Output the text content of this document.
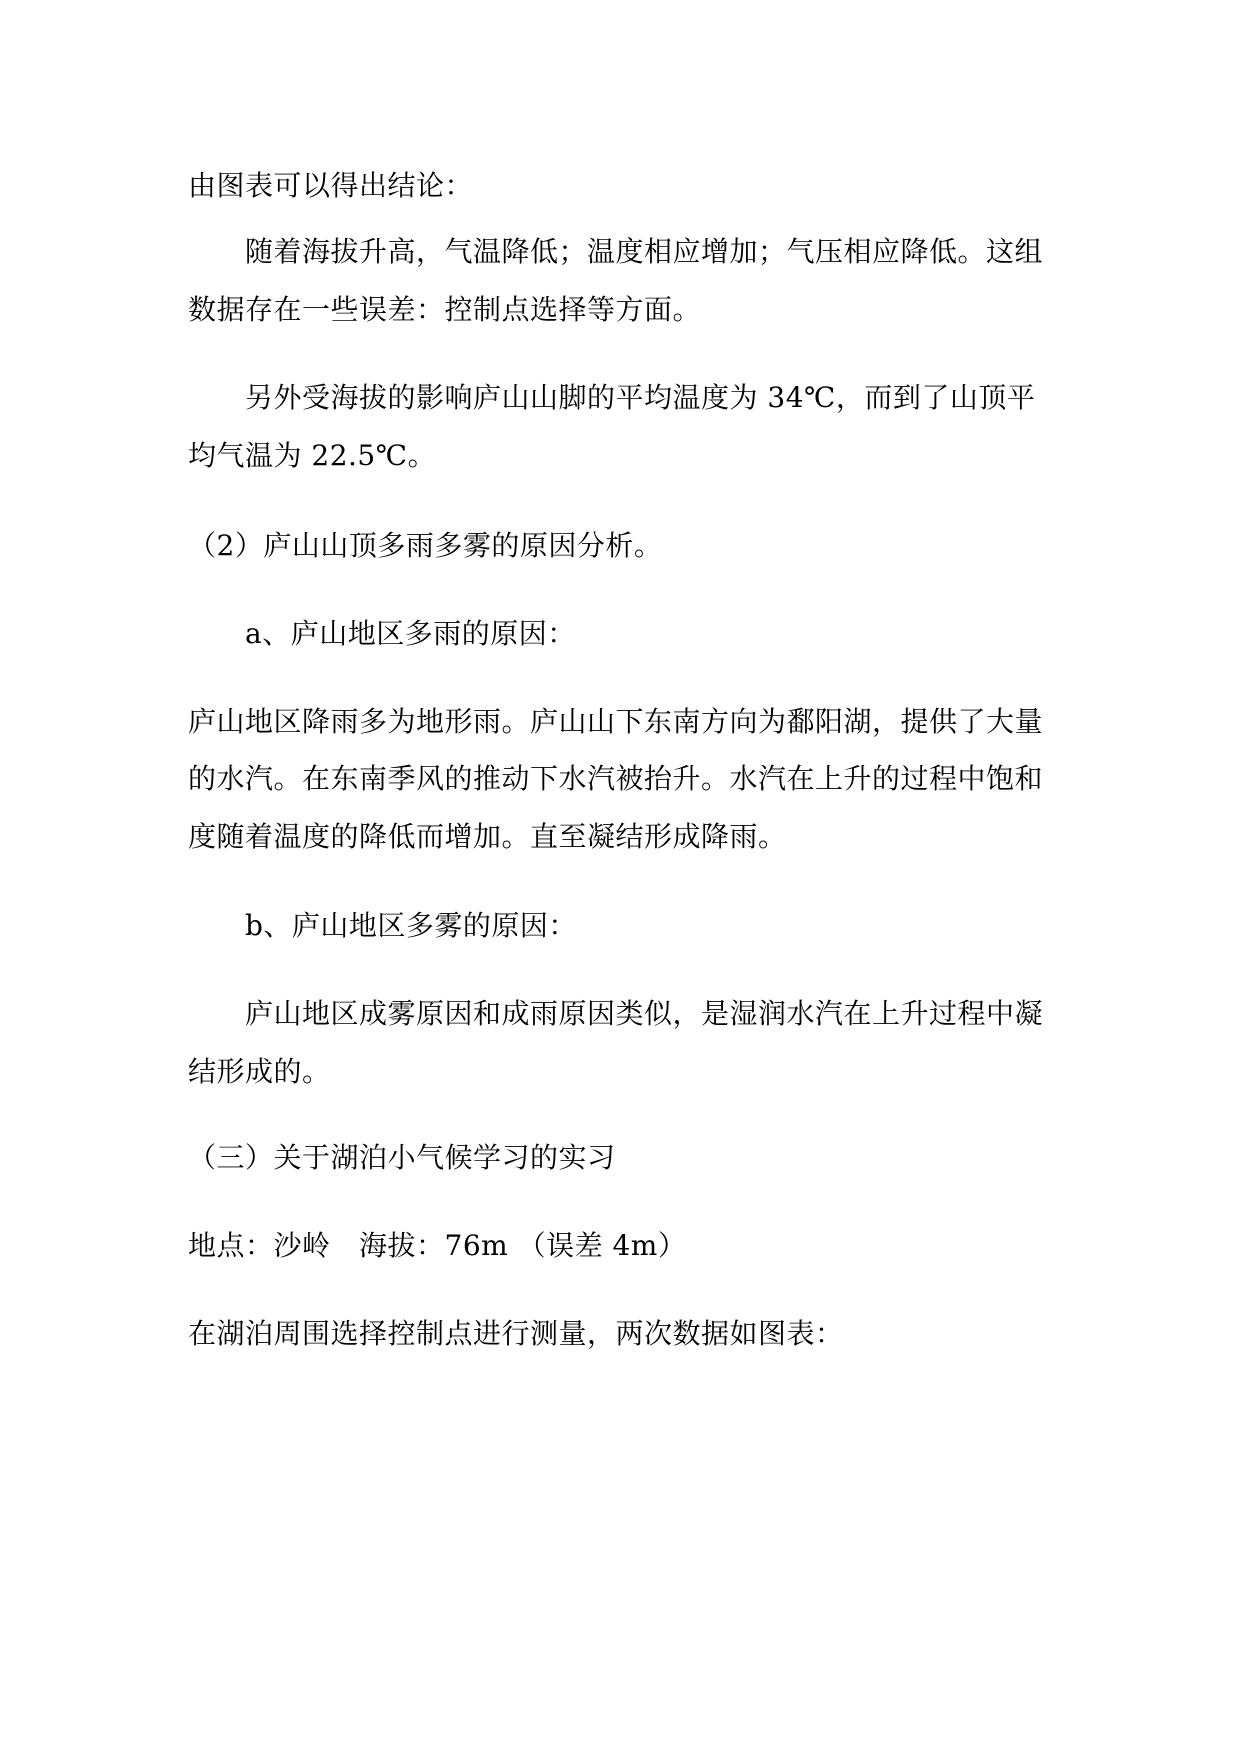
由图表可以得出结论：
随着海拔升高，气温降低；温度相应增加；气压相应降低。这组
数据存在一些误差：控制点选择等方面。
另外受海拔的影响庐山山脚的平均温度为 34℃，而到了山顶平
均气温为 22.5℃。
（2）庐山山顶多雨多雾的原因分析。
a、庐山地区多雨的原因：
庐山地区降雨多为地形雨。庐山山下东南方向为鄱阳湖，提供了大量
的水汽。在东南季风的推动下水汽被抬升。水汽在上升的过程中饱和
度随着温度的降低而增加。直至凝结形成降雨。
b、庐山地区多雾的原因：
庐山地区成雾原因和成雨原因类似，是湿润水汽在上升过程中凝
结形成的。
（三）关于湖泊小气候学习的实习
地点：沙岭　海拔：76m （误差 4m）
在湖泊周围选择控制点进行测量，两次数据如图表：
